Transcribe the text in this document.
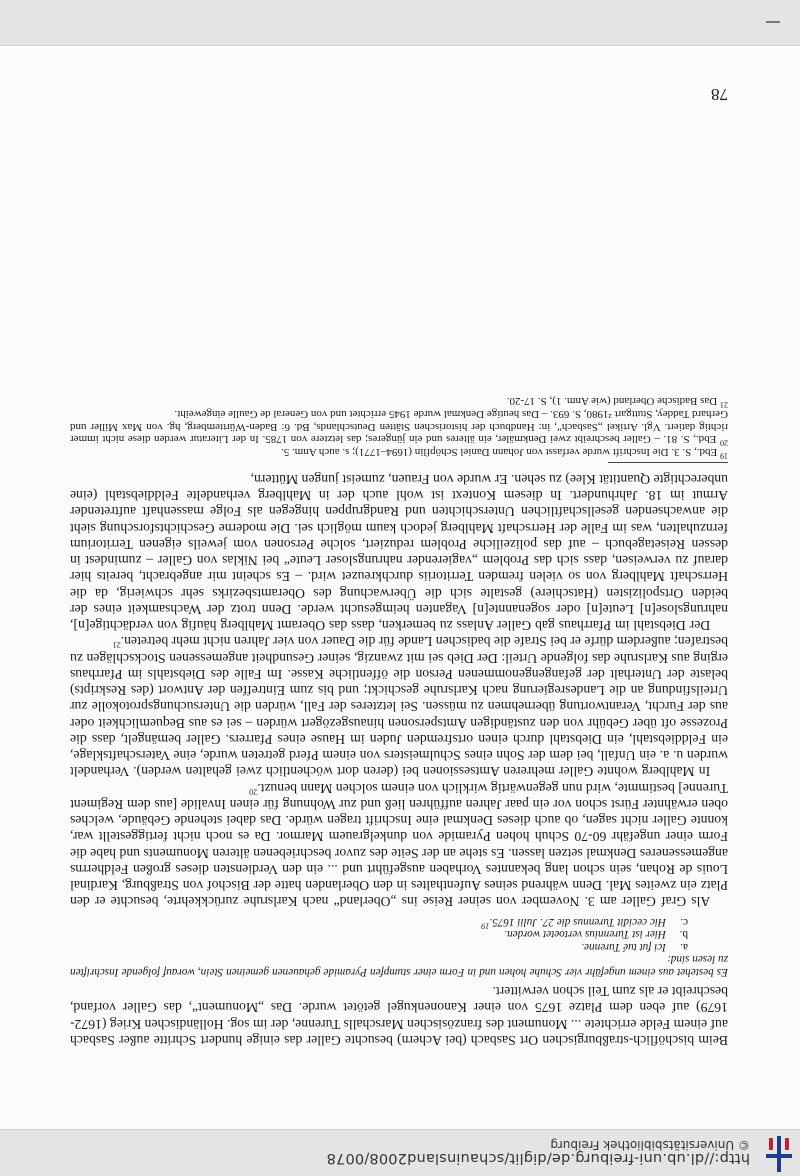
http://dl.ub.uni-freiburg.de/diglit/schauinsland2008/0078
© Universitätsbibliothek Freiburg

Beim bischöflich-straßburgischen Ort Sasbach (bei Achern) besuchte Galler das einige hundert Schritte außer Sasbach auf einem Felde errichtete ... Monument des französischen Marschalls Turenne, der im sog. Holländischen Krieg (1672-1679) auf eben dem Platze 1675 von einer Kanonenkugel getötet wurde. Das „Monument“, das Galler vorfand, beschreibt er als zum Teil schon verwittert.

Es bestehet aus einem ungefähr vier Schuhe hohen und in Form einer stumpfen Pyramide gehauenen gemeinen Stein, worauf folgende Inschriften zu lesen sind:
a.Ici fut tué Turenne.
b.Hier ist Turennius vertoetet worden.
c.Hic cecidit Turennus die 27. Julii 1675.19

Als Graf Galler am 3. November von seiner Reise ins „Oberland“ nach Karlsruhe zurückkehrte, besuchte er den Platz ein zweites Mal. Denn während seines Aufenthaltes in den Oberlanden hatte der Bischof von Straßburg, Kardinal Louis de Rohan, sein schon lang bekanntes Vorhaben ausgeführt und ... ein den Verdiensten dieses großen Feldherrns angemesseneres Denkmal setzen lassen. Es stehe an der Seite des zuvor beschriebenen älteren Monuments und habe die Form einer ungefähr 60-70 Schuh hohen Pyramide von dunkelgrauem Marmor. Da es noch nicht fertiggestellt war, konnte Galler nicht sagen, ob auch dieses Denkmal eine Inschrift tragen würde. Das dabei stehende Gebäude, welches oben erwähnter Fürst schon vor ein paar Jahren aufführen ließ und zur Wohnung für einen Invalide [aus dem Regiment Turenne] bestimmte, wird nun gegenwärtig wirklich von einem solchen Mann benuzt.$^{20}$

In Mahlberg wohnte Galler mehreren Amtsessionen bei (deren dort wöchentlich zwei gehalten werden). Verhandelt wurden u. a. ein Unfall, bei dem der Sohn eines Schulmeisters von einem Pferd getreten wurde, eine Vaterschaftsklage, ein Felddiebstahl, ein Diebstahl durch einen ortsfremden Juden im Hause eines Pfarrers. Galler bemängelt, dass die Prozesse oft über Gebühr von den zuständigen Amtspersonen hinausgezögert würden – sei es aus Bequemlichkeit oder aus der Furcht, Verantwortung übernehmen zu müssen. Sei letzteres der Fall, würden die Untersuchungsprotokolle zur Urteilsfindung an die Landesregierung nach Karlsruhe geschickt; und bis zum Eintreffen der Antwort (des Reskripts) belaste der Unterhalt der gefangengenommenen Person die öffentliche Kasse. Im Falle des Diebstahls im Pfarrhaus erging aus Karlsruhe das folgende Urteil: Der Dieb sei mit zwanzig, seiner Gesundheit angemessenen Stockschlägen zu bestrafen; außerdem dürfe er bei Strafe die badischen Lande für die Dauer von vier Jahren nicht mehr betreten.$^{21}$

Der Diebstahl im Pfarrhaus gab Galler Anlass zu bemerken, dass das Oberamt Mahlberg häufig von verdächtige[n], nahrungslose[n] Leute[n] oder sogenannte[n] Vaganten heimgesucht werde. Denn trotz der Wachsamkeit eines der beiden Ortspolizisten (Hatschiere) gestalte sich die Überwachung des Oberamtsbezirks sehr schwierig, da die Herrschaft Mahlberg von so vielen fremden Territoriis durchkreuzet wird. – Es scheint mir angebracht, bereits hier darauf zu verweisen, dass sich das Problem „vagierender nahrungsloser Leute“ bei Niklas von Galler – zumindest in dessen Reisetagebuch – auf das polizeiliche Problem reduziert, solche Personen vom jeweils eigenen Territorium fernzuhalten, was im Falle der Herrschaft Mahlberg jedoch kaum möglich sei. Die moderne Geschichtsforschung sieht die anwachsenden gesellschaftlichen Unterschichten und Randgruppen hingegen als Folge massenhaft auftretender Armut im 18. Jahrhundert. In diesem Kontext ist wohl auch der in Mahlberg verhandelte Felddiebstahl (eine unberechtigte Quantität Klee) zu sehen. Er wurde von Frauen, zumeist jungen Müttern,

$^{19}$ Ebd., S. 3. Die Inschrift wurde verfasst von Johann Daniel Schöpflin (1694–1771); s. auch Anm. 5.

$^{20}$ Ebd., S. 81. – Galler beschreibt zwei Denkmäler, ein älteres und ein jüngeres; das letztere von 1785. In der Literatur werden diese nicht immer richtig datiert. Vgl. Artikel „Sasbach“, in: Handbuch der historischen Stätten Deutschlands, Bd. 6: Baden-Württemberg, hg. von Max Miller und Gerhard Taddey, Stuttgart ²1980, S. 693. – Das heutige Denkmal wurde 1945 errichtet und von General de Gaulle eingeweiht.

$^{21}$ Das Badische Oberland (wie Anm. 1), S. 17-20.

78
